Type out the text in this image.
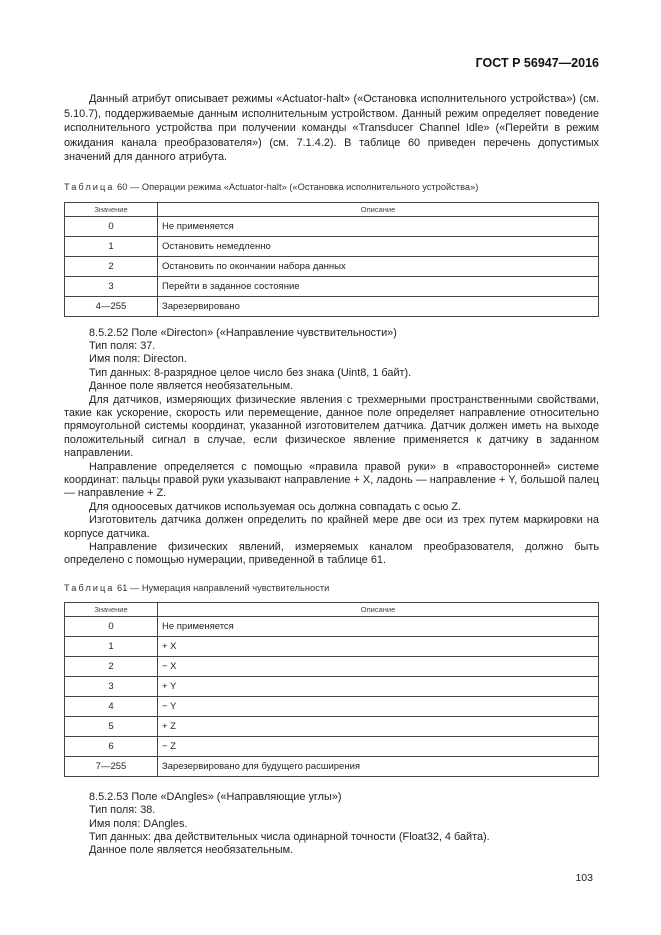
ГОСТ Р 56947—2016

Данный атрибут описывает режимы «Actuator-halt» («Остановка исполнительного устройства») (см. 5.10.7), поддерживаемые данным исполнительным устройством. Данный режим определяет поведение исполнительного устройства при получении команды «Transducer Channel Idle» («Перейти в режим ожидания канала преобразователя») (см. 7.1.4.2). В таблице 60 приведен перечень допустимых значений для данного атрибута.

Таблица 60 — Операции режима «Actuator-halt» («Остановка исполнительного устройства»)
Значение	Описание
0	Не применяется
1	Остановить немедленно
2	Остановить по окончании набора данных
3	Перейти в заданное состояние
4—255	Зарезервировано

8.5.2.52 Поле «Directon» («Направление чувствительности»)

Тип поля: 37.

Имя поля: Directon.

Тип данных: 8-разрядное целое число без знака (Uint8, 1 байт).

Данное поле является необязательным.

Для датчиков, измеряющих физические явления с трехмерными пространственными свойствами, такие как ускорение, скорость или перемещение, данное поле определяет направление относительно прямоугольной системы координат, указанной изготовителем датчика. Датчик должен иметь на выходе положительный сигнал в случае, если физическое явление применяется к датчику в заданном направлении.

Направление определяется с помощью «правила правой руки» в «правосторонней» системе координат: пальцы правой руки указывают направление + X, ладонь — направление + Y, большой палец — направление + Z.

Для одноосевых датчиков используемая ось должна совпадать с осью Z.

Изготовитель датчика должен определить по крайней мере две оси из трех путем маркировки на корпусе датчика.

Направление физических явлений, измеряемых каналом преобразователя, должно быть определено с помощью нумерации, приведенной в таблице 61.

Таблица 61 — Нумерация направлений чувствительности
Значение	Описание
0	Не применяется
1	+ X
2	− X
3	+ Y
4	− Y
5	+ Z
6	− Z
7—255	Зарезервировано для будущего расширения

8.5.2.53 Поле «DAngles» («Направляющие углы»)

Тип поля: 38.

Имя поля: DAngles.

Тип данных: два действительных числа одинарной точности (Float32, 4 байта).

Данное поле является необязательным.

103
